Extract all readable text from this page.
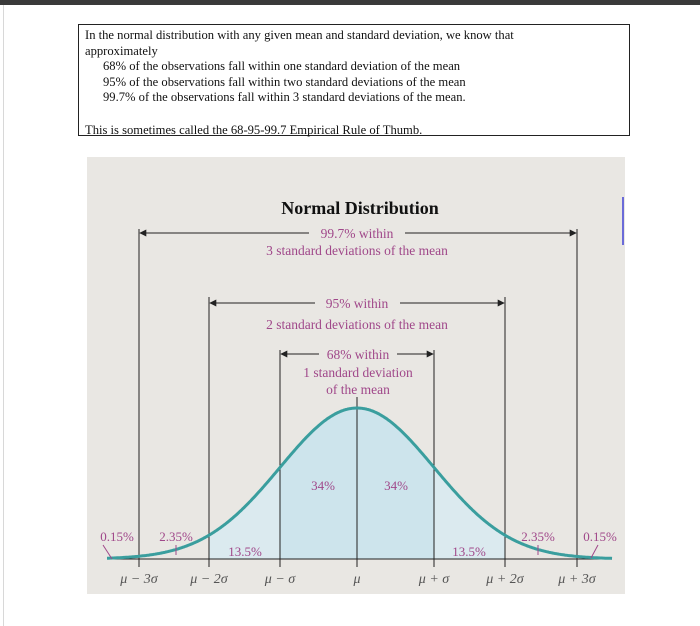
In the normal distribution with any given mean and standard deviation, we know that
approximately
68% of the observations fall within one standard deviation of the mean
95% of the observations fall within two standard deviations of the mean
99.7% of the observations fall within 3 standard deviations of the mean.
This is sometimes called the 68-95-99.7 Empirical Rule of Thumb.
Normal Distribution
99.7% within
3 standard deviations of the mean
95% within
2 standard deviations of the mean
68% within
1 standard deviation
of the mean
34%	34%
13.5%	13.5%
2.35%	2.35%
0.15%	0.15%
μ − 3σ μ − 2σ	μ − σ	μ	μ + σ	μ + 2σ μ + 3σ
